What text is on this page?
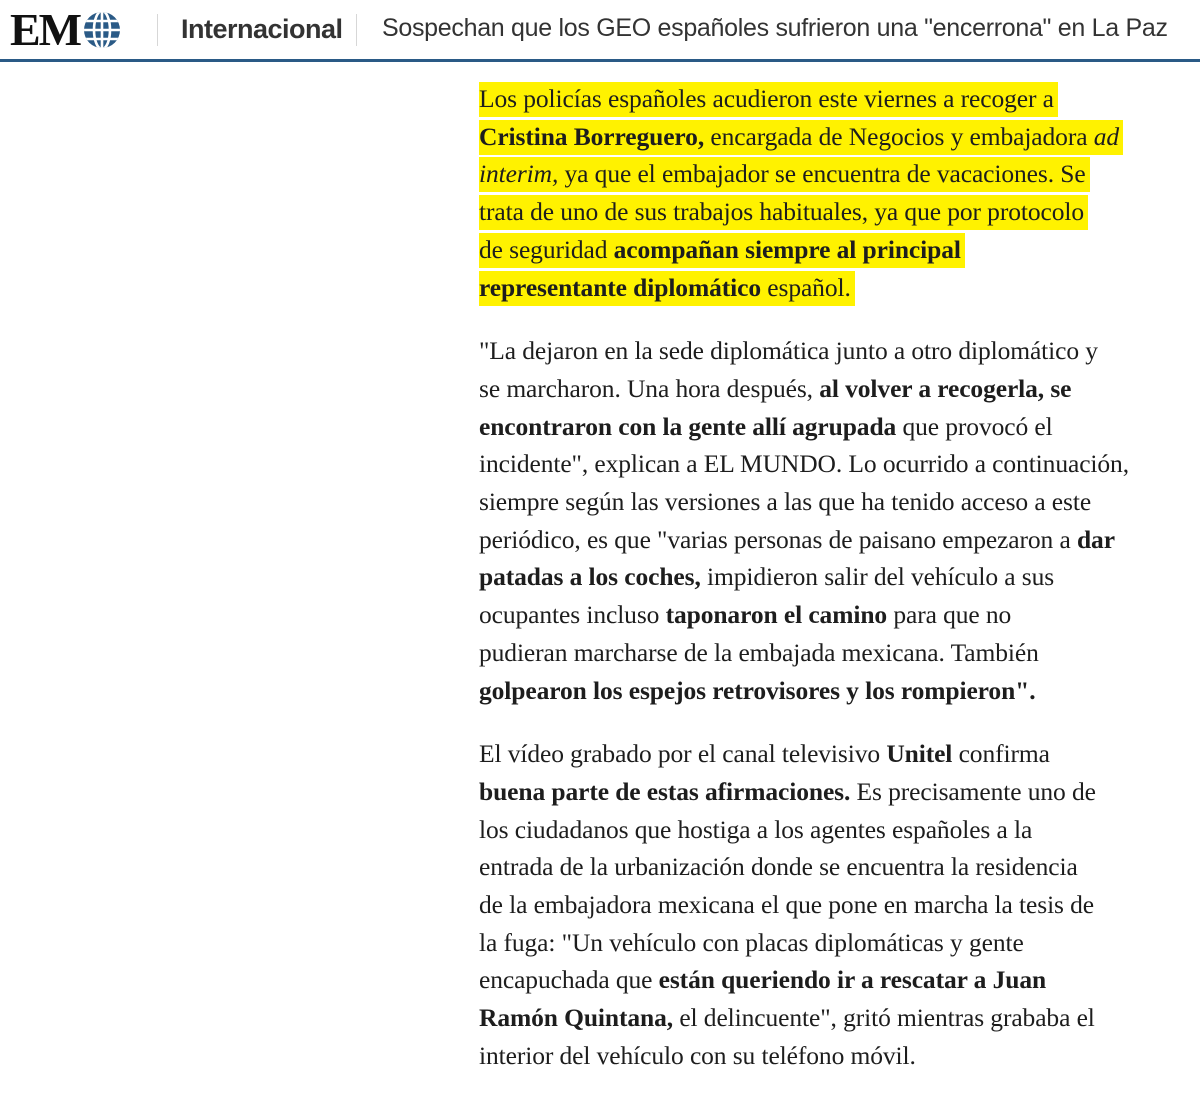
EM	Internacional Sospechan que los GEO españoles sufrieron una "encerrona" en La Paz

Los policías españoles acudieron este viernes a recoger a
Cristina Borreguero, encargada de Negocios y embajadora ad
interim, ya que el embajador se encuentra de vacaciones. Se
trata de uno de sus trabajos habituales, ya que por protocolo
de seguridad acompañan siempre al principal
representante diplomático español.

"La dejaron en la sede diplomática junto a otro diplomático y
se marcharon. Una hora después, al volver a recogerla, se
encontraron con la gente allí agrupada que provocó el
incidente", explican a EL MUNDO. Lo ocurrido a continuación,
siempre según las versiones a las que ha tenido acceso a este
periódico, es que "varias personas de paisano empezaron a dar
patadas a los coches, impidieron salir del vehículo a sus
ocupantes incluso taponaron el camino para que no
pudieran marcharse de la embajada mexicana. También
golpearon los espejos retrovisores y los rompieron".

El vídeo grabado por el canal televisivo Unitel confirma
buena parte de estas afirmaciones. Es precisamente uno de
los ciudadanos que hostiga a los agentes españoles a la
entrada de la urbanización donde se encuentra la residencia
de la embajadora mexicana el que pone en marcha la tesis de
la fuga: "Un vehículo con placas diplomáticas y gente
encapuchada que están queriendo ir a rescatar a Juan
Ramón Quintana, el delincuente", gritó mientras grababa el
interior del vehículo con su teléfono móvil.
